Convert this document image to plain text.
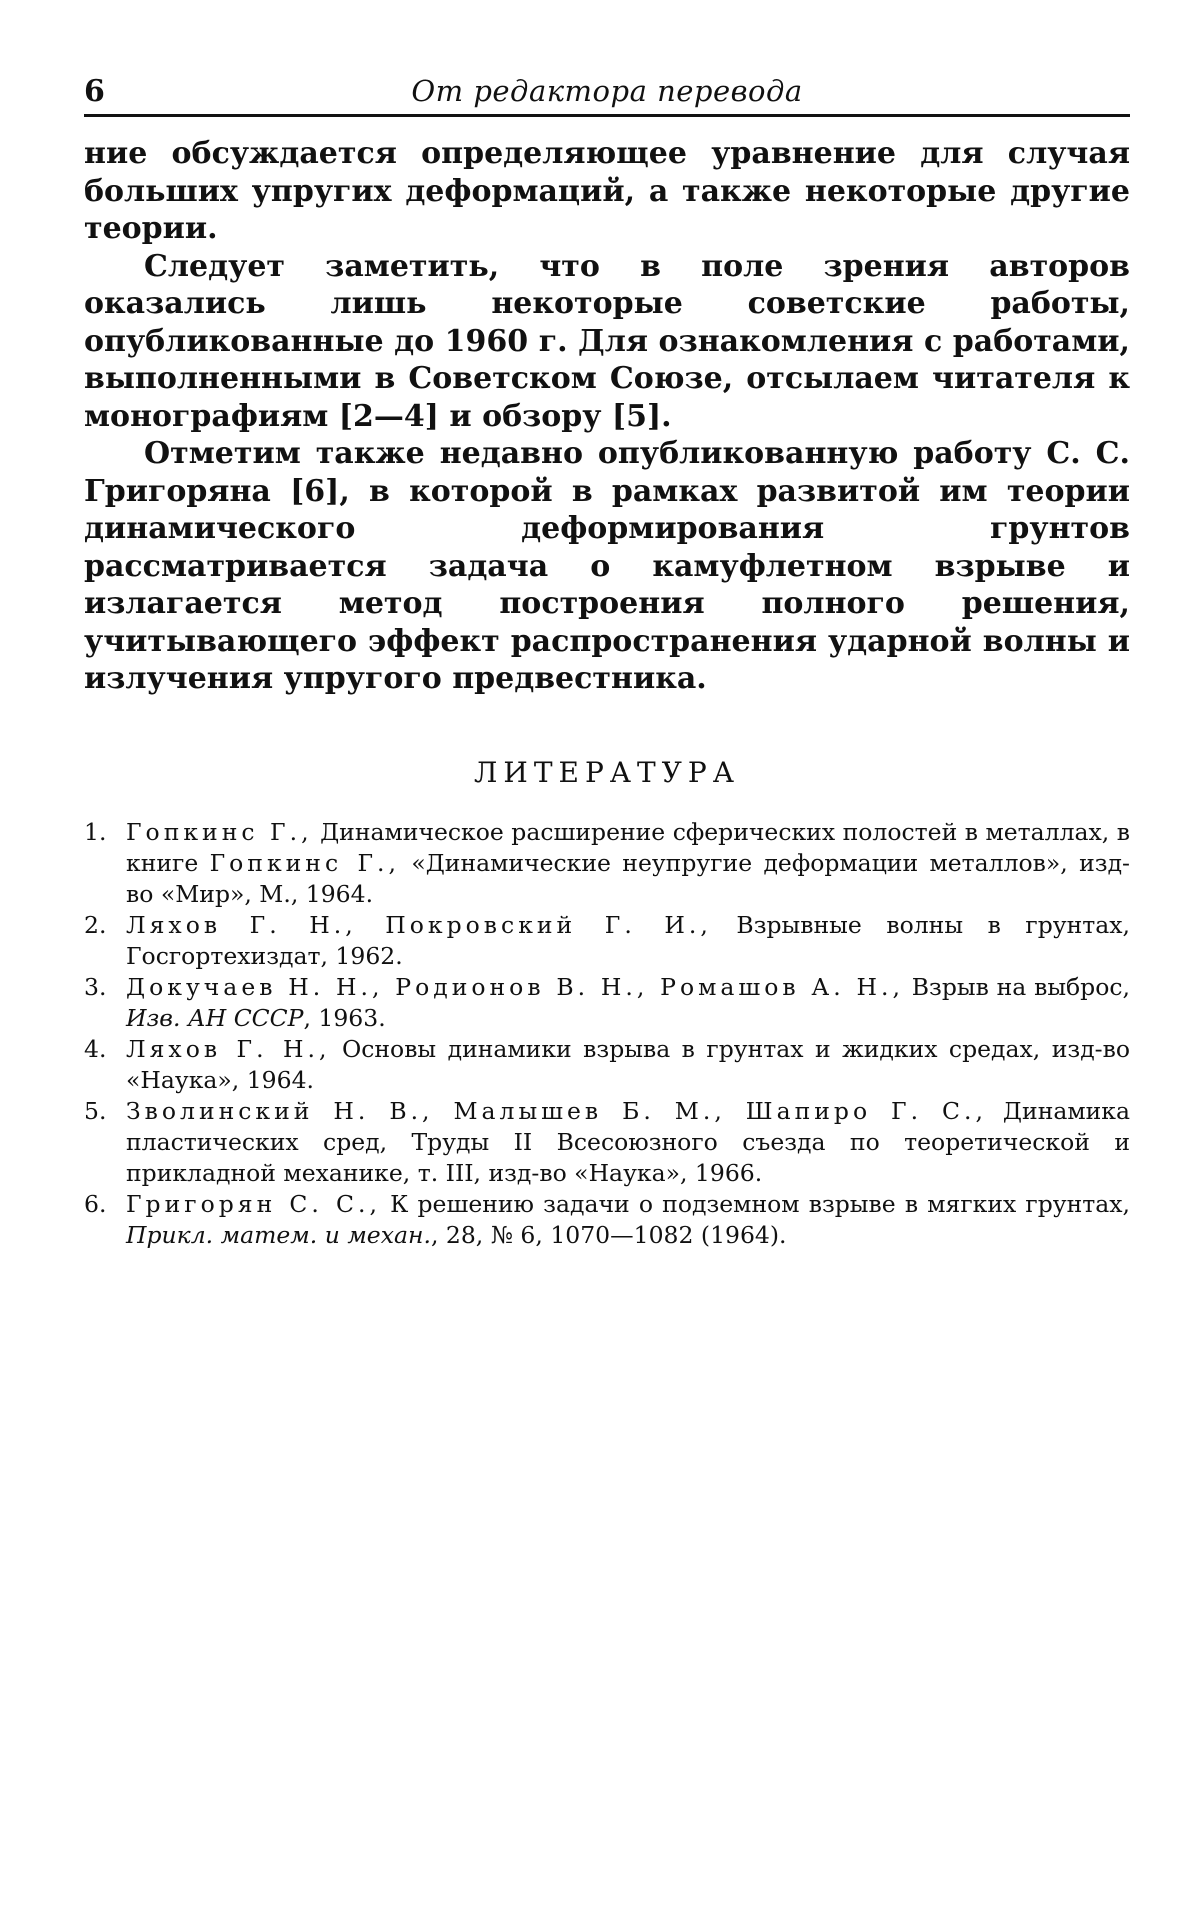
6	От редактора перевода

ние обсуждается определяющее уравнение для случая больших упругих деформаций, а также некоторые другие теории.

Следует заметить, что в поле зрения авторов оказались лишь некоторые советские работы, опубликованные до 1960 г. Для ознакомления с работами, выполненными в Советском Союзе, отсылаем читателя к монографиям [2—4] и обзору [5].

Отметим также недавно опубликованную работу С. С. Григоряна [6], в которой в рамках развитой им теории динамического деформирования грунтов рассматривается задача о камуфлетном взрыве и излагается метод построения полного решения, учитывающего эффект распространения ударной волны и излучения упругого предвестника.

ЛИТЕРАТУРА
1. Гопкинс Г., Динамическое расширение сферических полостей в металлах, в книге Гопкинс Г., «Динамические неупругие деформации металлов», изд-во «Мир», М., 1964.
2. Ляхов Г. Н., Покровский Г. И., Взрывные волны в грунтах, Госгортехиздат, 1962.
3. Докучаев Н. Н., Родионов В. Н., Ромашов А. Н., Взрыв на выброс, Изв. АН СССР, 1963.
4. Ляхов Г. Н., Основы динамики взрыва в грунтах и жидких средах, изд-во «Наука», 1964.
5. Зволинский Н. В., Малышев Б. М., Шапиро Г. С., Динамика пластических сред, Труды II Всесоюзного съезда по теоретической и прикладной механике, т. III, изд-во «Наука», 1966.
6. Григорян С. С., К решению задачи о подземном взрыве в мягких грунтах, Прикл. матем. и механ., 28, № 6, 1070—1082 (1964).
